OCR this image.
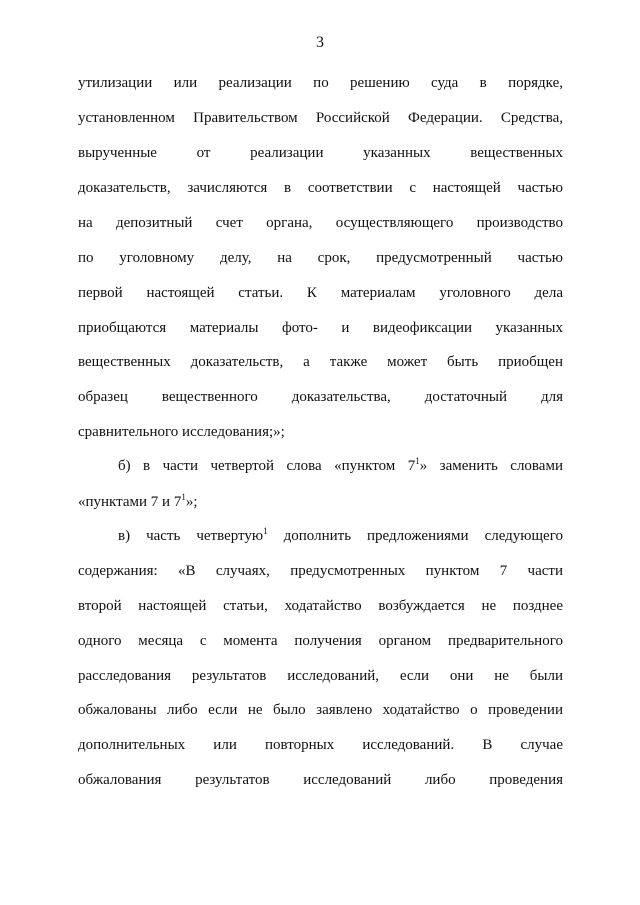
3
утилизации или реализации по решению суда в порядке,
установленном Правительством Российской Федерации. Средства,
вырученные от реализации указанных вещественных
доказательств, зачисляются в соответствии с настоящей частью
на депозитный счет органа, осуществляющего производство
по уголовному делу, на срок, предусмотренный частью
первой настоящей статьи. К материалам уголовного дела
приобщаются материалы фото- и видеофиксации указанных
вещественных доказательств, а также может быть приобщен
образец вещественного доказательства, достаточный для
сравнительного исследования;»;
б) в части четвертой слова «пунктом $7^1$» заменить словами
«пунктами 7 и $7^1$»;
в) часть четвертую$^1$ дополнить предложениями следующего
содержания: «В случаях, предусмотренных пунктом 7 части
второй настоящей статьи, ходатайство возбуждается не позднее
одного месяца с момента получения органом предварительного
расследования результатов исследований, если они не были
обжалованы либо если не было заявлено ходатайство о проведении
дополнительных или повторных исследований. В случае
обжалования результатов исследований либо проведения
